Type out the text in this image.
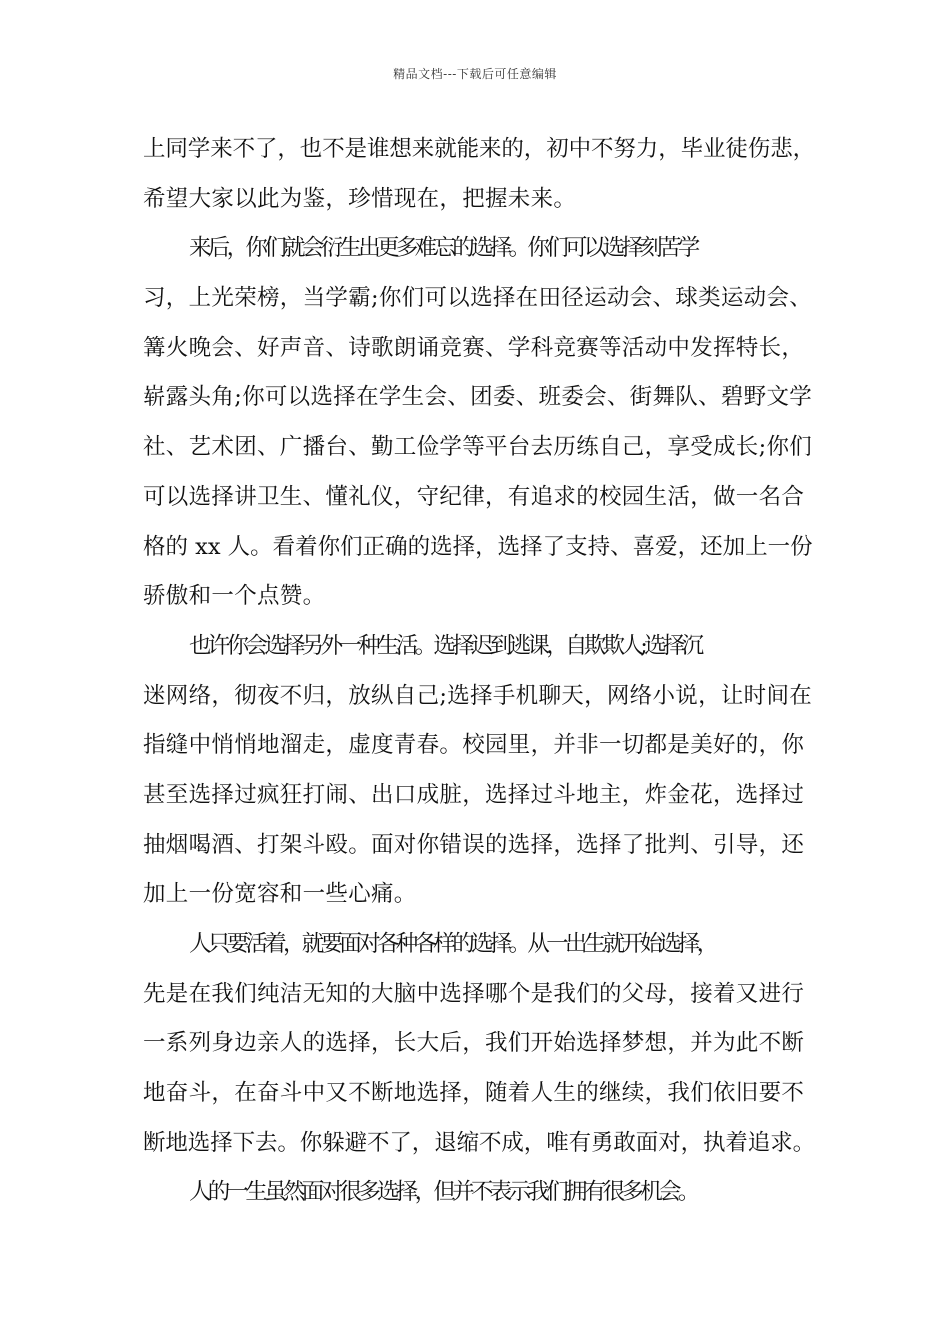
精品文档---下载后可任意编辑
上同学来不了，也不是谁想来就能来的，初中不努力，毕业徒伤悲，
希望大家以此为鉴，珍惜现在，把握未来。
来后，你们就会衍生出更多难忘的选择。你们可以选择刻苦学
习，上光荣榜，当学霸;你们可以选择在田径运动会、球类运动会、
篝火晚会、好声音、诗歌朗诵竞赛、学科竞赛等活动中发挥特长，
崭露头角;你可以选择在学生会、团委、班委会、街舞队、碧野文学
社、艺术团、广播台、勤工俭学等平台去历练自己，享受成长;你们
可以选择讲卫生、懂礼仪，守纪律，有追求的校园生活，做一名合
格的 xx 人。看着你们正确的选择，选择了支持、喜爱，还加上一份
骄傲和一个点赞。
也许你会选择另外一种生活。选择迟到逃课，自欺欺人;选择沉
迷网络，彻夜不归，放纵自己;选择手机聊天，网络小说，让时间在
指缝中悄悄地溜走，虚度青春。校园里，并非一切都是美好的，你
甚至选择过疯狂打闹、出口成脏，选择过斗地主，炸金花，选择过
抽烟喝酒、打架斗殴。面对你错误的选择，选择了批判、引导，还
加上一份宽容和一些心痛。
人只要活着，就要面对各种各样的选择。从一出生就开始选择，
先是在我们纯洁无知的大脑中选择哪个是我们的父母，接着又进行
一系列身边亲人的选择，长大后，我们开始选择梦想，并为此不断
地奋斗，在奋斗中又不断地选择，随着人生的继续，我们依旧要不
断地选择下去。你躲避不了，退缩不成，唯有勇敢面对，执着追求。
人的一生虽然面对很多选择，但并不表示我们拥有很多机会。
